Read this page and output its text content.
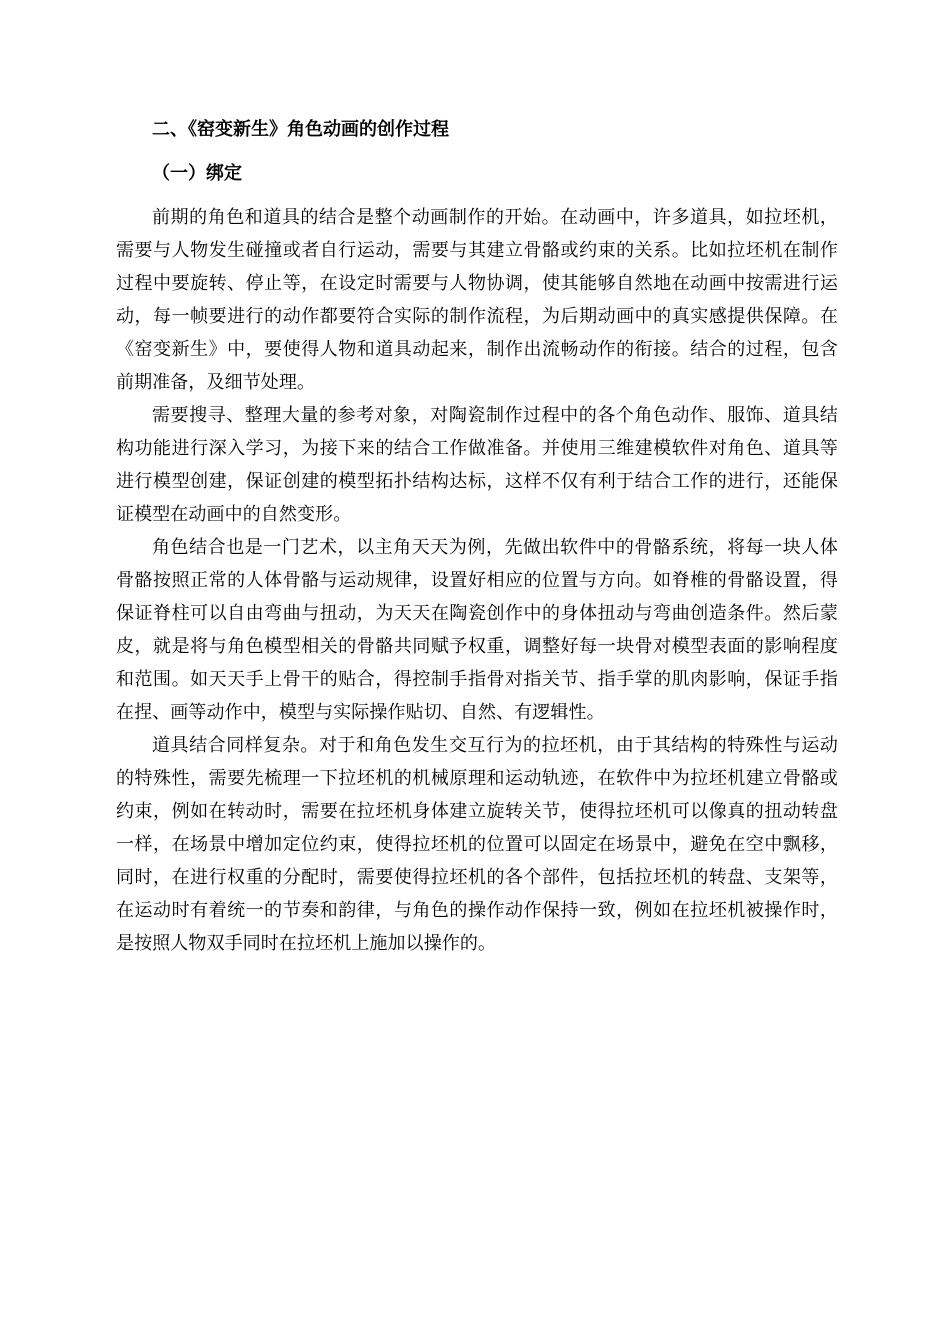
二、《窑变新生》角色动画的创作过程
（一）绑定

前期的角色和道具的结合是整个动画制作的开始。在动画中，许多道具，如拉坯机，需要与人物发生碰撞或者自行运动，需要与其建立骨骼或约束的关系。比如拉坯机在制作过程中要旋转、停止等，在设定时需要与人物协调，使其能够自然地在动画中按需进行运动，每一帧要进行的动作都要符合实际的制作流程，为后期动画中的真实感提供保障。在《窑变新生》中，要使得人物和道具动起来，制作出流畅动作的衔接。结合的过程，包含前期准备，及细节处理。

需要搜寻、整理大量的参考对象，对陶瓷制作过程中的各个角色动作、服饰、道具结构功能进行深入学习，为接下来的结合工作做准备。并使用三维建模软件对角色、道具等进行模型创建，保证创建的模型拓扑结构达标，这样不仅有利于结合工作的进行，还能保证模型在动画中的自然变形。

角色结合也是一门艺术，以主角天天为例，先做出软件中的骨骼系统，将每一块人体骨骼按照正常的人体骨骼与运动规律，设置好相应的位置与方向。如脊椎的骨骼设置，得保证脊柱可以自由弯曲与扭动，为天天在陶瓷创作中的身体扭动与弯曲创造条件。然后蒙皮，就是将与角色模型相关的骨骼共同赋予权重，调整好每一块骨对模型表面的影响程度和范围。如天天手上骨干的贴合，得控制手指骨对指关节、指手掌的肌肉影响，保证手指在捏、画等动作中，模型与实际操作贴切、自然、有逻辑性。

道具结合同样复杂。对于和角色发生交互行为的拉坯机，由于其结构的特殊性与运动的特殊性，需要先梳理一下拉坯机的机械原理和运动轨迹，在软件中为拉坯机建立骨骼或约束，例如在转动时，需要在拉坯机身体建立旋转关节，使得拉坯机可以像真的扭动转盘一样，在场景中增加定位约束，使得拉坯机的位置可以固定在场景中，避免在空中飘移，同时，在进行权重的分配时，需要使得拉坯机的各个部件，包括拉坯机的转盘、支架等，在运动时有着统一的节奏和韵律，与角色的操作动作保持一致，例如在拉坯机被操作时，是按照人物双手同时在拉坯机上施加以操作的。
